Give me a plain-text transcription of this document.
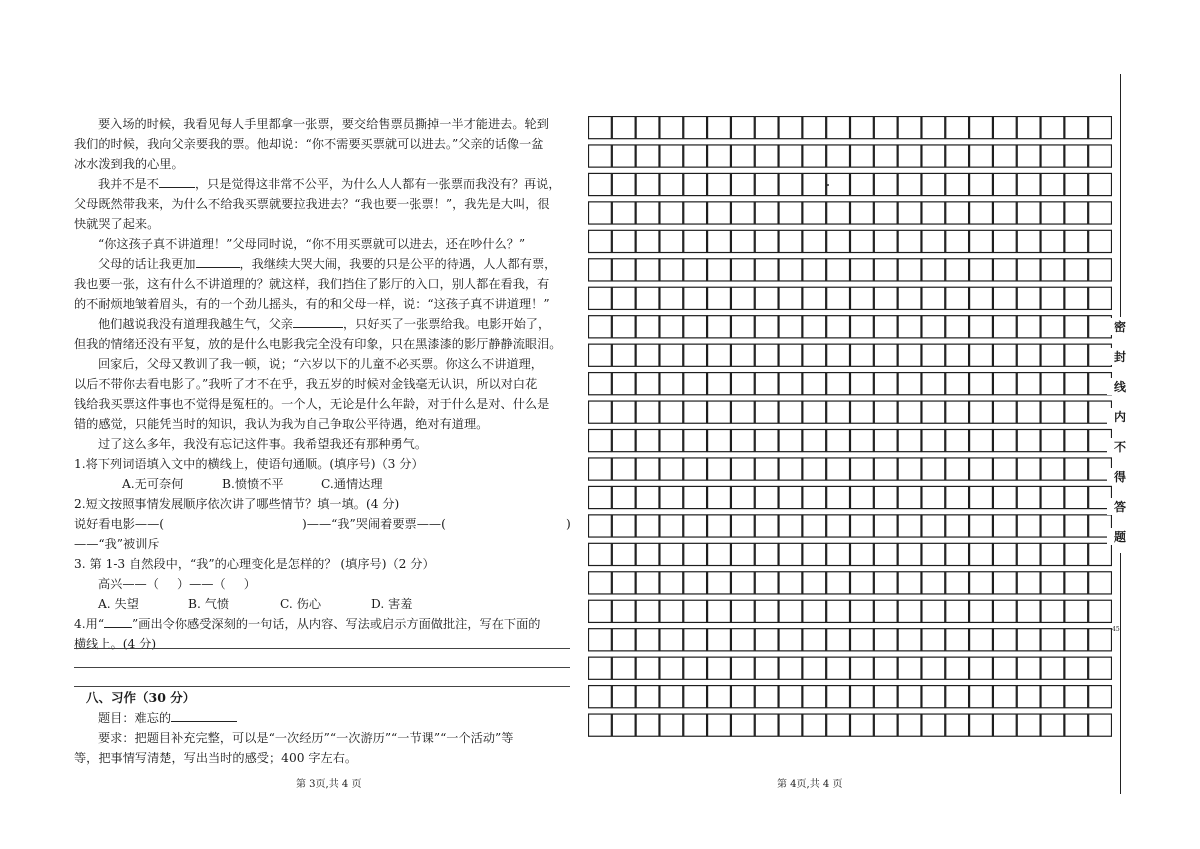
要入场的时候，我看见每人手里都拿一张票，要交给售票员撕掉一半才能进去。轮到
我们的时候，我向父亲要我的票。他却说：“你不需要买票就可以进去。”父亲的话像一盆
冰水泼到我的心里。
我并不是不	，只是觉得这非常不公平，为什么人人都有一张票而我没有？再说，
父母既然带我来，为什么不给我买票就要拉我进去？“我也要一张票！”，我先是大叫，很
快就哭了起来。
“你这孩子真不讲道理！”父母同时说，“你不用买票就可以进去，还在吵什么？”
父母的话让我更加	，我继续大哭大闹，我要的只是公平的待遇，人人都有票，
我也要一张，这有什么不讲道理的？就这样，我们挡住了影厅的入口，别人都在看我，有
的不耐烦地皱着眉头，有的一个劲儿摇头，有的和父母一样，说：“这孩子真不讲道理！”
他们越说我没有道理我越生气，父亲	，只好买了一张票给我。电影开始了，
但我的情绪还没有平复，放的是什么电影我完全没有印象，只在黑漆漆的影厅静静流眼泪。
回家后，父母又教训了我一顿，说；“六岁以下的儿童不必买票。你这么不讲道理，
以后不带你去看电影了。”我听了才不在乎，我五岁的时候对金钱毫无认识，所以对白花
钱给我买票这件事也不觉得是冤枉的。一个人，无论是什么年龄，对于什么是对、什么是
错的感觉，只能凭当时的知识，我认为我为自己争取公平待遇，绝对有道理。
过了这么多年，我没有忘记这件事。我希望我还有那种勇气。
1.将下列词语填入文中的横线上，使语句通顺。(填序号)（3 分）
A.无可奈何	B.愤愤不平	C.通情达理
2.短文按照事情发展顺序依次讲了哪些情节？填一填。(4 分)
说好看电影——(	)——“我”哭闹着要票——(	)
——“我”被训斥
3. 第 1-3 自然段中，“我”的心理变化是怎样的？ (填序号)（2 分）
高兴——（ ）——（ ）
A. 失望	B. 气愤	C. 伤心	D. 害羞
4.用“ ”画出令你感受深刻的一句话，从内容、写法或启示方面做批注，写在下面的
横线上。(4 分)
八、习作（30 分）
题目：难忘的
要求：把题目补充完整，可以是“一次经历”“一次游历”“一节课”“一个活动”等
等，把事情写清楚，写出当时的感受；400 字左右。
第 3页,共 4 页	第 4页,共 4 页
密
封
线
内
不
得
答
题
45
